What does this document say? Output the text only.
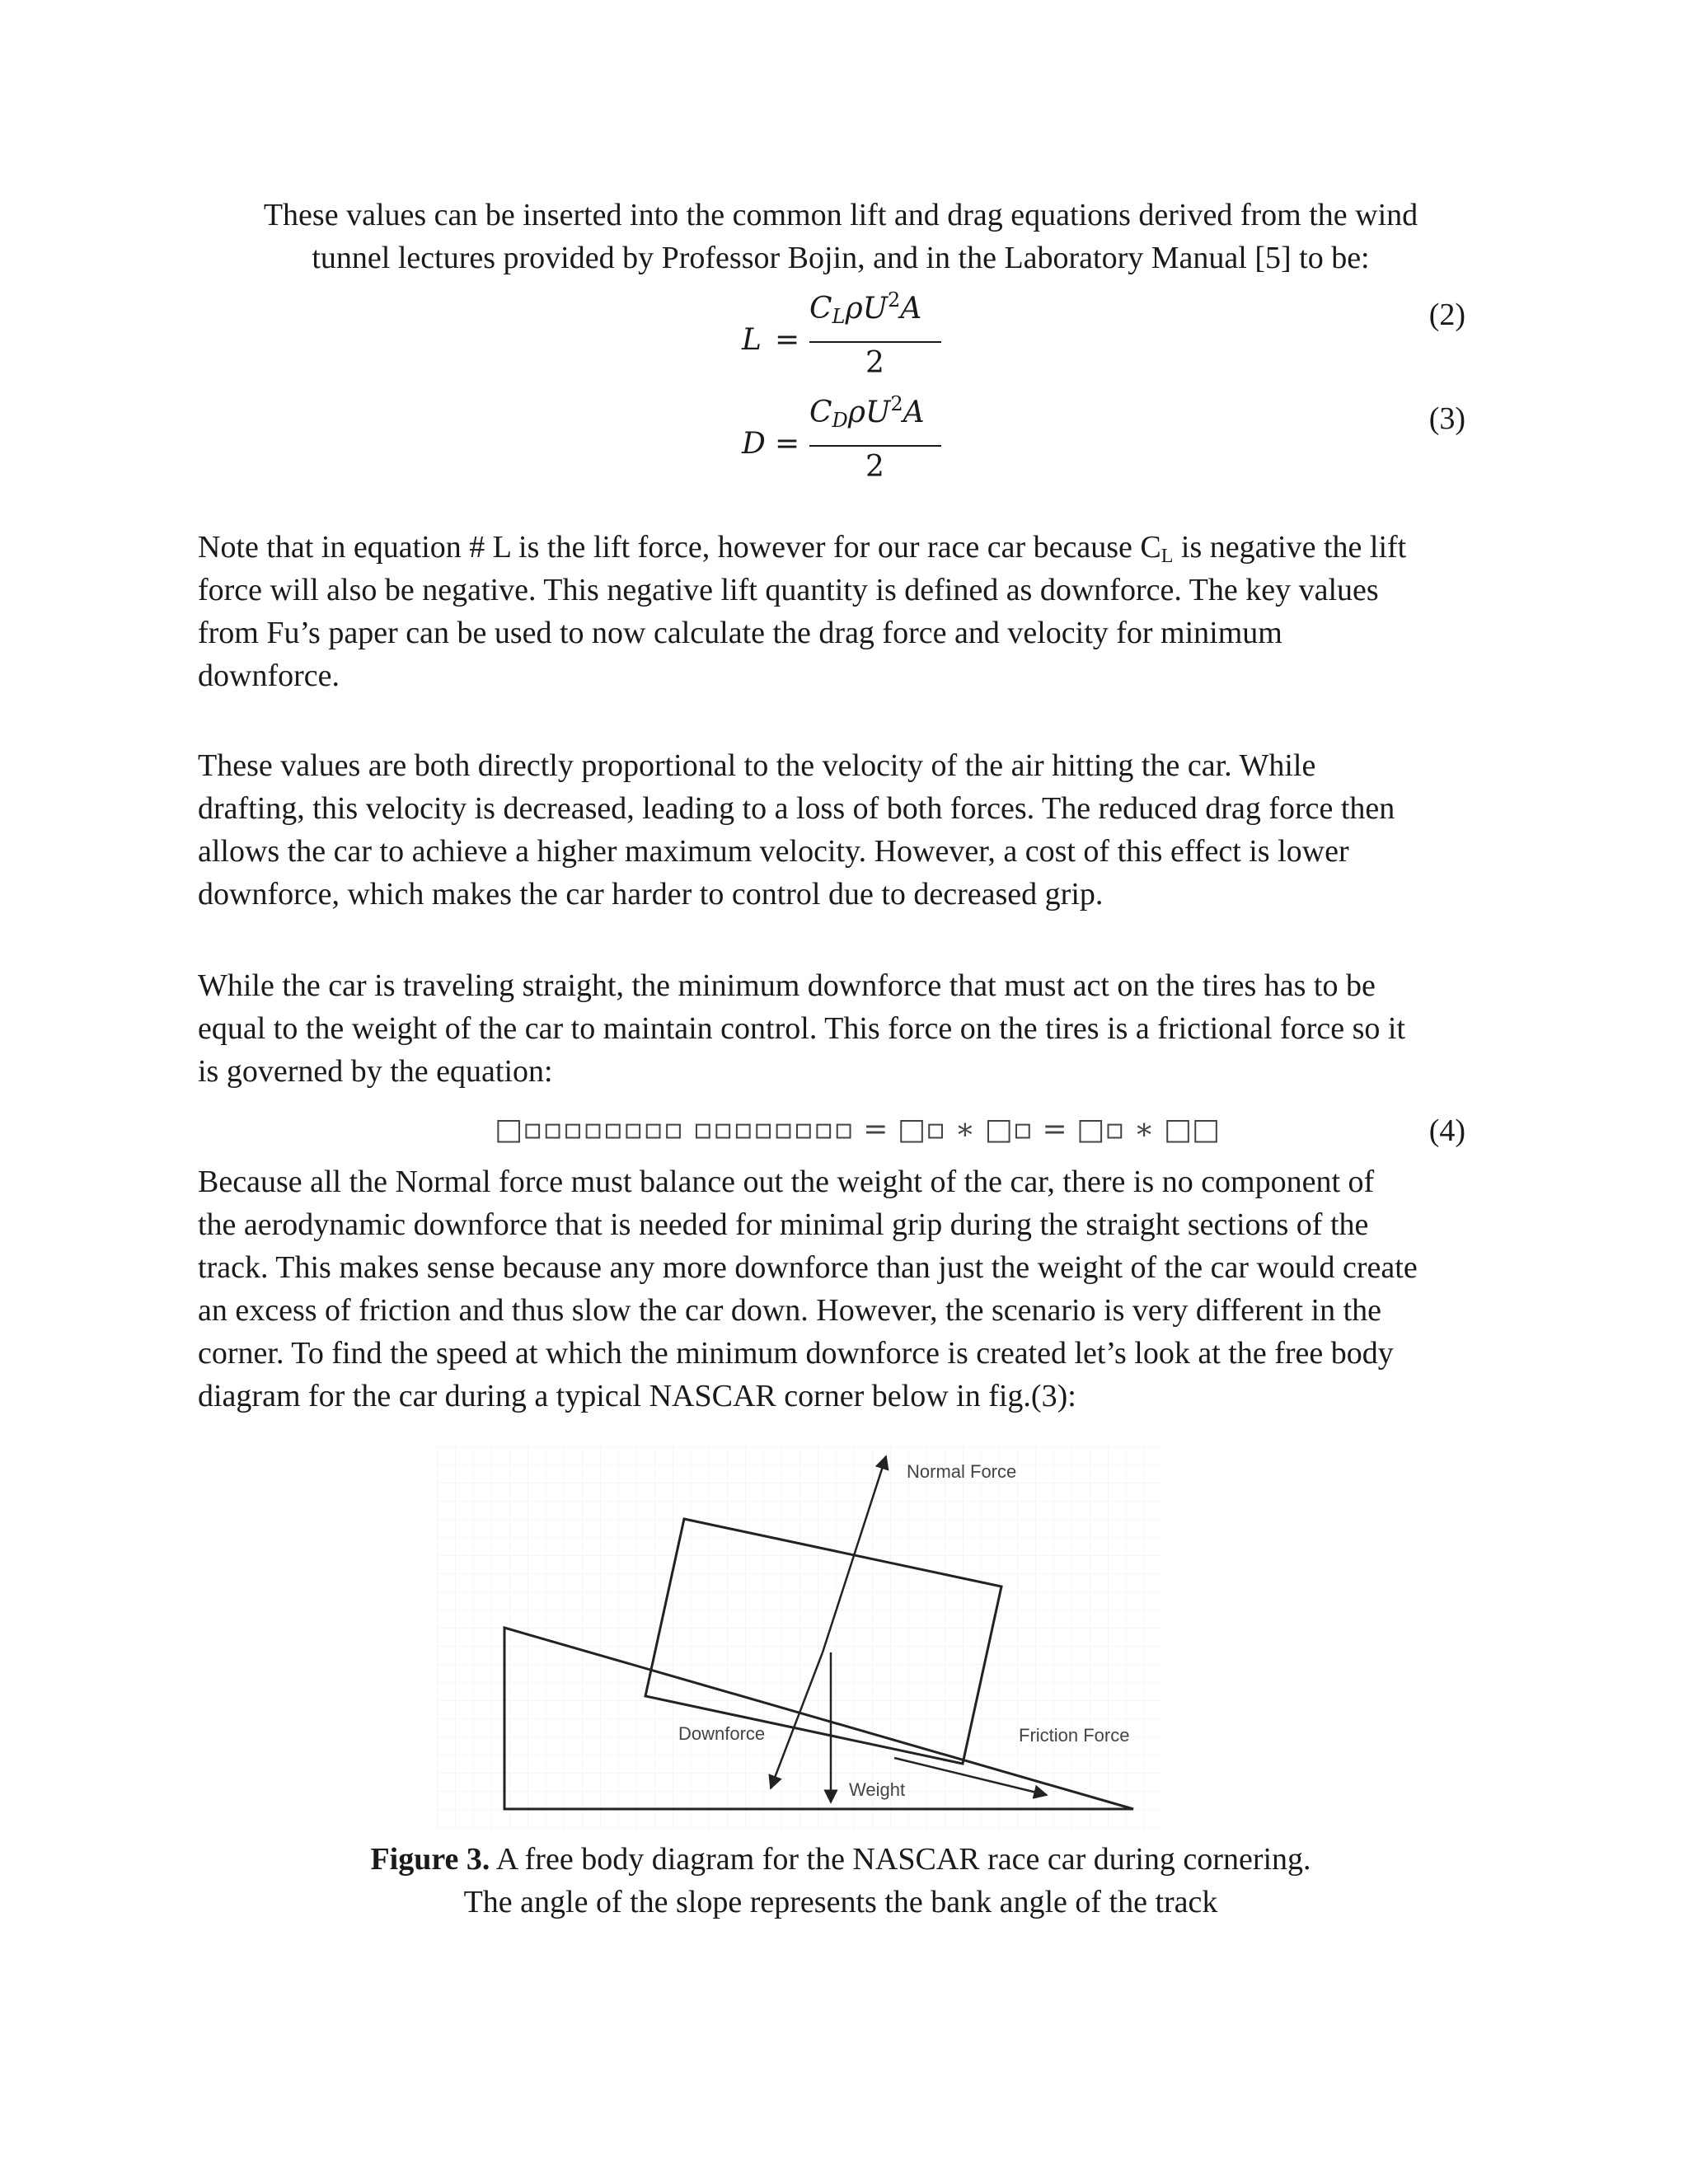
These values can be inserted into the common lift and drag equations derived from the wind
tunnel lectures provided by Professor Bojin, and in the Laboratory Manual [5] to be:
L =
$C_L\rho U^2A$
2
(2)
D =
$C_D\rho U^2A$
2
(3)
Note that in equation # L is the lift force, however for our race car because $C_L$ is negative the lift
force will also be negative. This negative lift quantity is defined as downforce. The key values
from Fu’s paper can be used to now calculate the drag force and velocity for minimum
downforce.
These values are both directly proportional to the velocity of the air hitting the car. While
drafting, this velocity is decreased, leading to a loss of both forces. The reduced drag force then
allows the car to achieve a higher maximum velocity. However, a cost of this effect is lower
downforce, which makes the car harder to control due to decreased grip.
While the car is traveling straight, the minimum downforce that must act on the tires has to be
equal to the weight of the car to maintain control. This force on the tires is a frictional force so it
is governed by the equation:
□▫▫▫▫▫▫▫▫ ▫▫▫▫▫▫▫▫ = □▫ ∗ □▫ = □▫ ∗ □□	(4)
Because all the Normal force must balance out the weight of the car, there is no component of
the aerodynamic downforce that is needed for minimal grip during the straight sections of the
track. This makes sense because any more downforce than just the weight of the car would create
an excess of friction and thus slow the car down. However, the scenario is very different in the
corner. To find the speed at which the minimum downforce is created let’s look at the free body
diagram for the car during a typical NASCAR corner below in fig.(3):
Normal Force
Downforce
Weight
Friction Force
Figure 3. A free body diagram for the NASCAR race car during cornering.
The angle of the slope represents the bank angle of the track
